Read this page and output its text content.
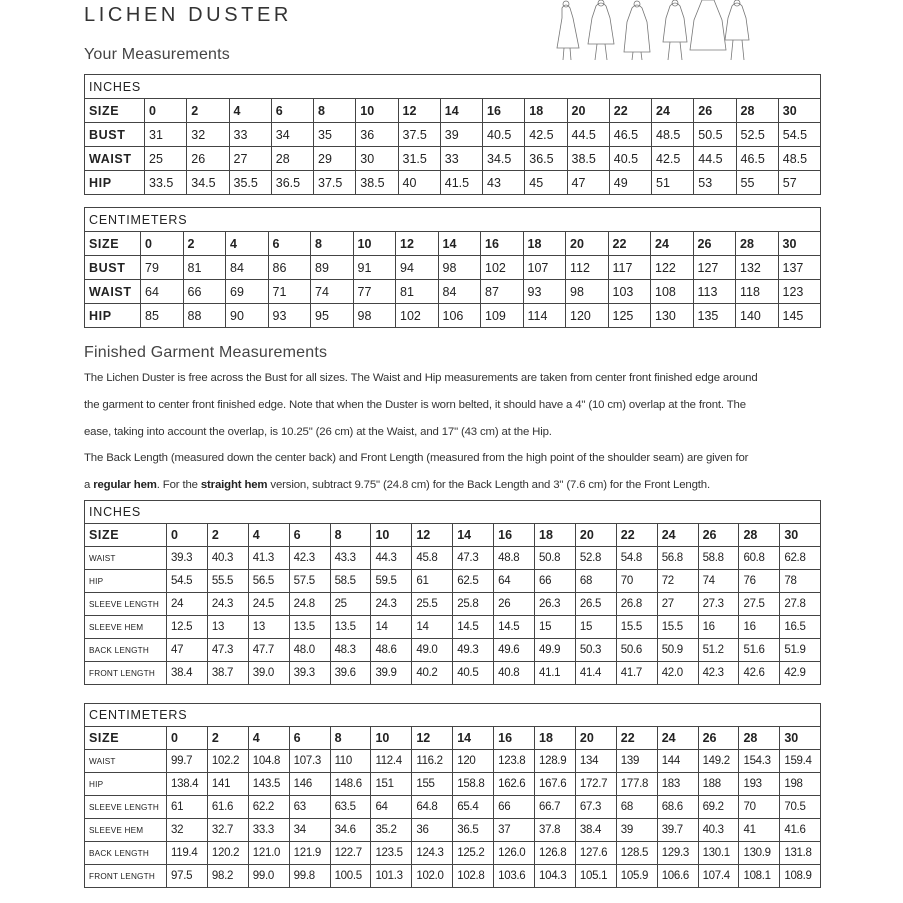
LICHEN DUSTER
Your Measurements
INCHES																
SIZE	0	2	4	6	8	10	12	14	16	18	20	22	24	26	28	30
BUST	31	32	33	34	35	36	37.5	39	40.5	42.5	44.5	46.5	48.5	50.5	52.5	54.5
WAIST	25	26	27	28	29	30	31.5	33	34.5	36.5	38.5	40.5	42.5	44.5	46.5	48.5
HIP	33.5	34.5	35.5	36.5	37.5	38.5	40	41.5	43	45	47	49	51	53	55	57
CENTIMETERS																
SIZE	0	2	4	6	8	10	12	14	16	18	20	22	24	26	28	30
BUST	79	81	84	86	89	91	94	98	102	107	112	117	122	127	132	137
WAIST	64	66	69	71	74	77	81	84	87	93	98	103	108	113	118	123
HIP	85	88	90	93	95	98	102	106	109	114	120	125	130	135	140	145
INCHES																
SIZE	0	2	4	6	8	10	12	14	16	18	20	22	24	26	28	30
WAIST	39.3	40.3	41.3	42.3	43.3	44.3	45.8	47.3	48.8	50.8	52.8	54.8	56.8	58.8	60.8	62.8
HIP	54.5	55.5	56.5	57.5	58.5	59.5	61	62.5	64	66	68	70	72	74	76	78
SLEEVE LENGTH	24	24.3	24.5	24.8	25	24.3	25.5	25.8	26	26.3	26.5	26.8	27	27.3	27.5	27.8
SLEEVE HEM	12.5	13	13	13.5	13.5	14	14	14.5	14.5	15	15	15.5	15.5	16	16	16.5
BACK LENGTH	47	47.3	47.7	48.0	48.3	48.6	49.0	49.3	49.6	49.9	50.3	50.6	50.9	51.2	51.6	51.9
FRONT LENGTH	38.4	38.7	39.0	39.3	39.6	39.9	40.2	40.5	40.8	41.1	41.4	41.7	42.0	42.3	42.6	42.9
CENTIMETERS																
SIZE	0	2	4	6	8	10	12	14	16	18	20	22	24	26	28	30
WAIST	99.7	102.2	104.8	107.3	110	112.4	116.2	120	123.8	128.9	134	139	144	149.2	154.3	159.4
HIP	138.4	141	143.5	146	148.6	151	155	158.8	162.6	167.6	172.7	177.8	183	188	193	198
SLEEVE LENGTH	61	61.6	62.2	63	63.5	64	64.8	65.4	66	66.7	67.3	68	68.6	69.2	70	70.5
SLEEVE HEM	32	32.7	33.3	34	34.6	35.2	36	36.5	37	37.8	38.4	39	39.7	40.3	41	41.6
BACK LENGTH	119.4	120.2	121.0	121.9	122.7	123.5	124.3	125.2	126.0	126.8	127.6	128.5	129.3	130.1	130.9	131.8
FRONT LENGTH	97.5	98.2	99.0	99.8	100.5	101.3	102.0	102.8	103.6	104.3	105.1	105.9	106.6	107.4	108.1	108.9
Finished Garment Measurements
The Lichen Duster is free across the Bust for all sizes. The Waist and Hip measurements are taken from center front finished edge around
the garment to center front finished edge. Note that when the Duster is worn belted, it should have a 4" (10 cm) overlap at the front. The
ease, taking into account the overlap, is 10.25" (26 cm) at the Waist, and 17" (43 cm) at the Hip.
The Back Length (measured down the center back) and Front Length (measured from the high point of the shoulder seam) are given for
a regular hem. For the straight hem version, subtract 9.75" (24.8 cm) for the Back Length and 3" (7.6 cm) for the Front Length.
